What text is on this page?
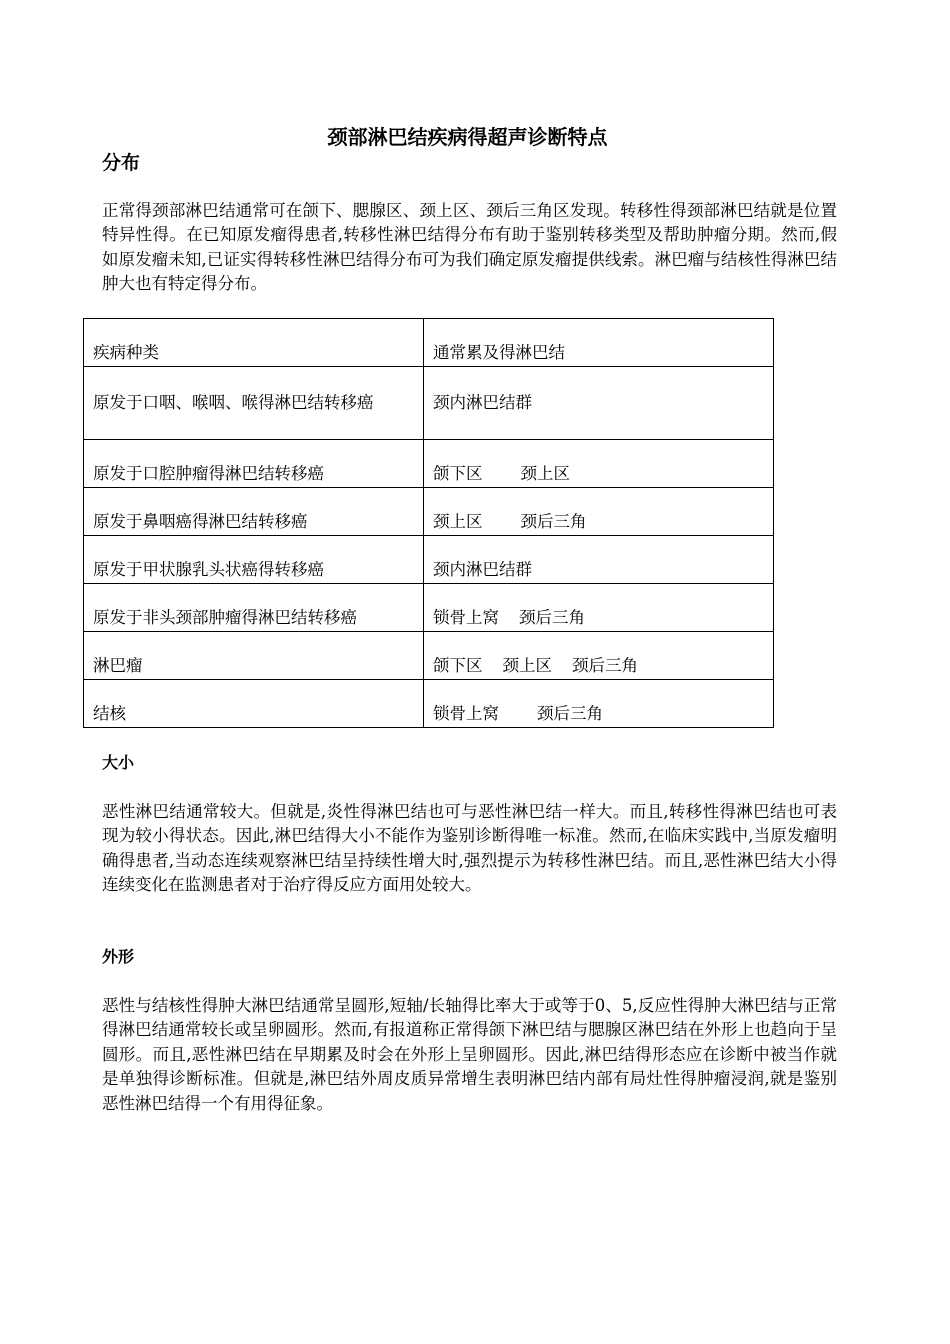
颈部淋巴结疾病得超声诊断特点
分布

正常得颈部淋巴结通常可在颌下、腮腺区、颈上区、颈后三角区发现。转移性得颈部淋巴结就是位置特异性得。在已知原发瘤得患者,转移性淋巴结得分布有助于鉴别转移类型及帮助肿瘤分期。然而,假如原发瘤未知,已证实得转移性淋巴结得分布可为我们确定原发瘤提供线索。淋巴瘤与结核性得淋巴结肿大也有特定得分布。

疾病种类	通常累及得淋巴结
原发于口咽、喉咽、喉得淋巴结转移癌	颈内淋巴结群
原发于口腔肿瘤得淋巴结转移癌	颌下区 颈上区
原发于鼻咽癌得淋巴结转移癌	颈上区 颈后三角
原发于甲状腺乳头状癌得转移癌	颈内淋巴结群
原发于非头颈部肿瘤得淋巴结转移癌	锁骨上窝 颈后三角
淋巴瘤	颌下区 颈上区 颈后三角
结核	锁骨上窝 颈后三角
大小

恶性淋巴结通常较大。但就是,炎性得淋巴结也可与恶性淋巴结一样大。而且,转移性得淋巴结也可表现为较小得状态。因此,淋巴结得大小不能作为鉴别诊断得唯一标准。然而,在临床实践中,当原发瘤明确得患者,当动态连续观察淋巴结呈持续性增大时,强烈提示为转移性淋巴结。而且,恶性淋巴结大小得连续变化在监测患者对于治疗得反应方面用处较大。

外形

恶性与结核性得肿大淋巴结通常呈圆形,短轴/长轴得比率大于或等于0、5,反应性得肿大淋巴结与正常得淋巴结通常较长或呈卵圆形。然而,有报道称正常得颌下淋巴结与腮腺区淋巴结在外形上也趋向于呈圆形。而且,恶性淋巴结在早期累及时会在外形上呈卵圆形。因此,淋巴结得形态应在诊断中被当作就是单独得诊断标准。但就是,淋巴结外周皮质异常增生表明淋巴结内部有局灶性得肿瘤浸润,就是鉴别恶性淋巴结得一个有用得征象。
